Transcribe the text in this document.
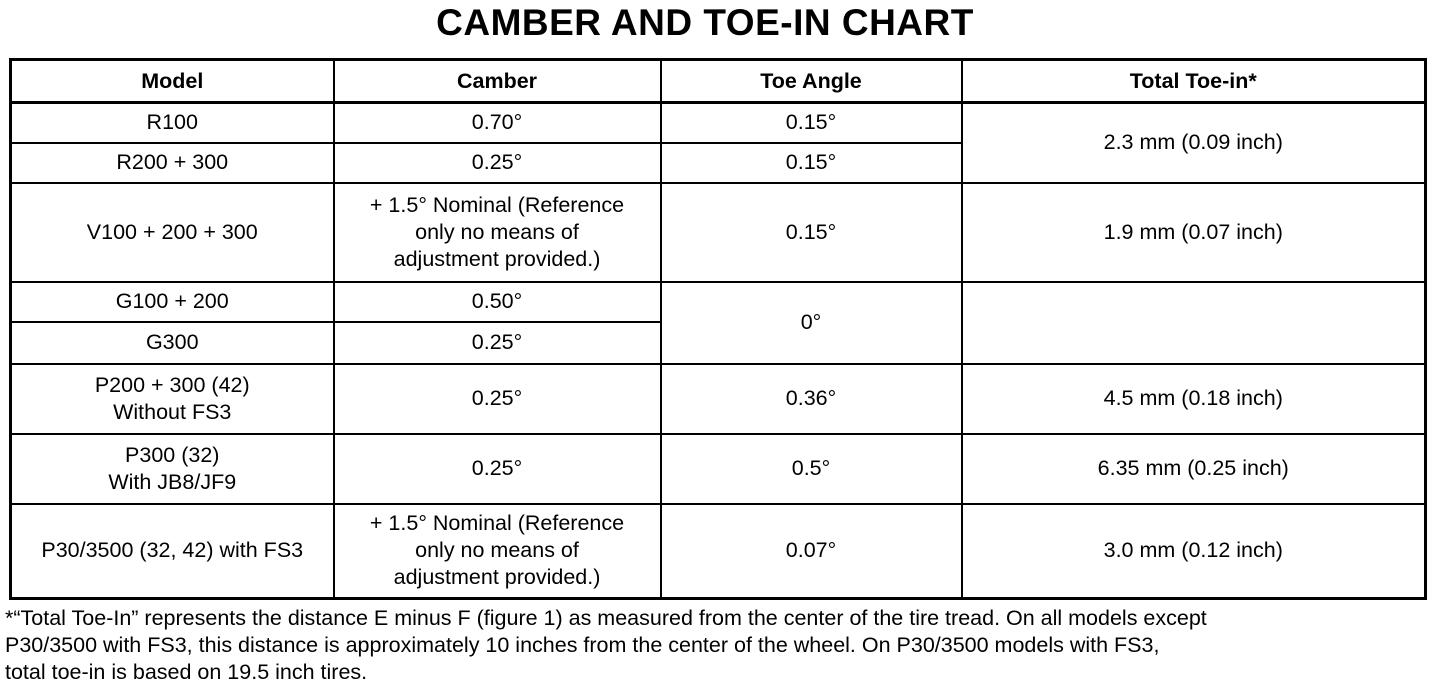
CAMBER AND TOE-IN CHART
Model	Camber	Toe Angle	Total Toe-in*

R100	0.70°	0.15°	2.3 mm (0.09 inch)

R200 + 300	0.25°	0.15°	

V100 + 200 + 300	+ 1.5° Nominal (Reference
only no means of
adjustment provided.)	0.15°	1.9 mm (0.07 inch)

G100 + 200	0.50°	0°	

G300	0.25°		

P200 + 300 (42)
Without FS3	0.25°	0.36°	4.5 mm (0.18 inch)

P300 (32)
With JB8/JF9	0.25°	0.5°	6.35 mm (0.25 inch)

P30/3500 (32, 42) with FS3	+ 1.5° Nominal (Reference
only no means of
adjustment provided.)	0.07°	3.0 mm (0.12 inch)
*“Total Toe-In” represents the distance E minus F (figure 1) as measured from the center of the tire tread. On all models except
P30/3500 with FS3, this distance is approximately 10 inches from the center of the wheel. On P30/3500 models with FS3,
total toe-in is based on 19.5 inch tires.
